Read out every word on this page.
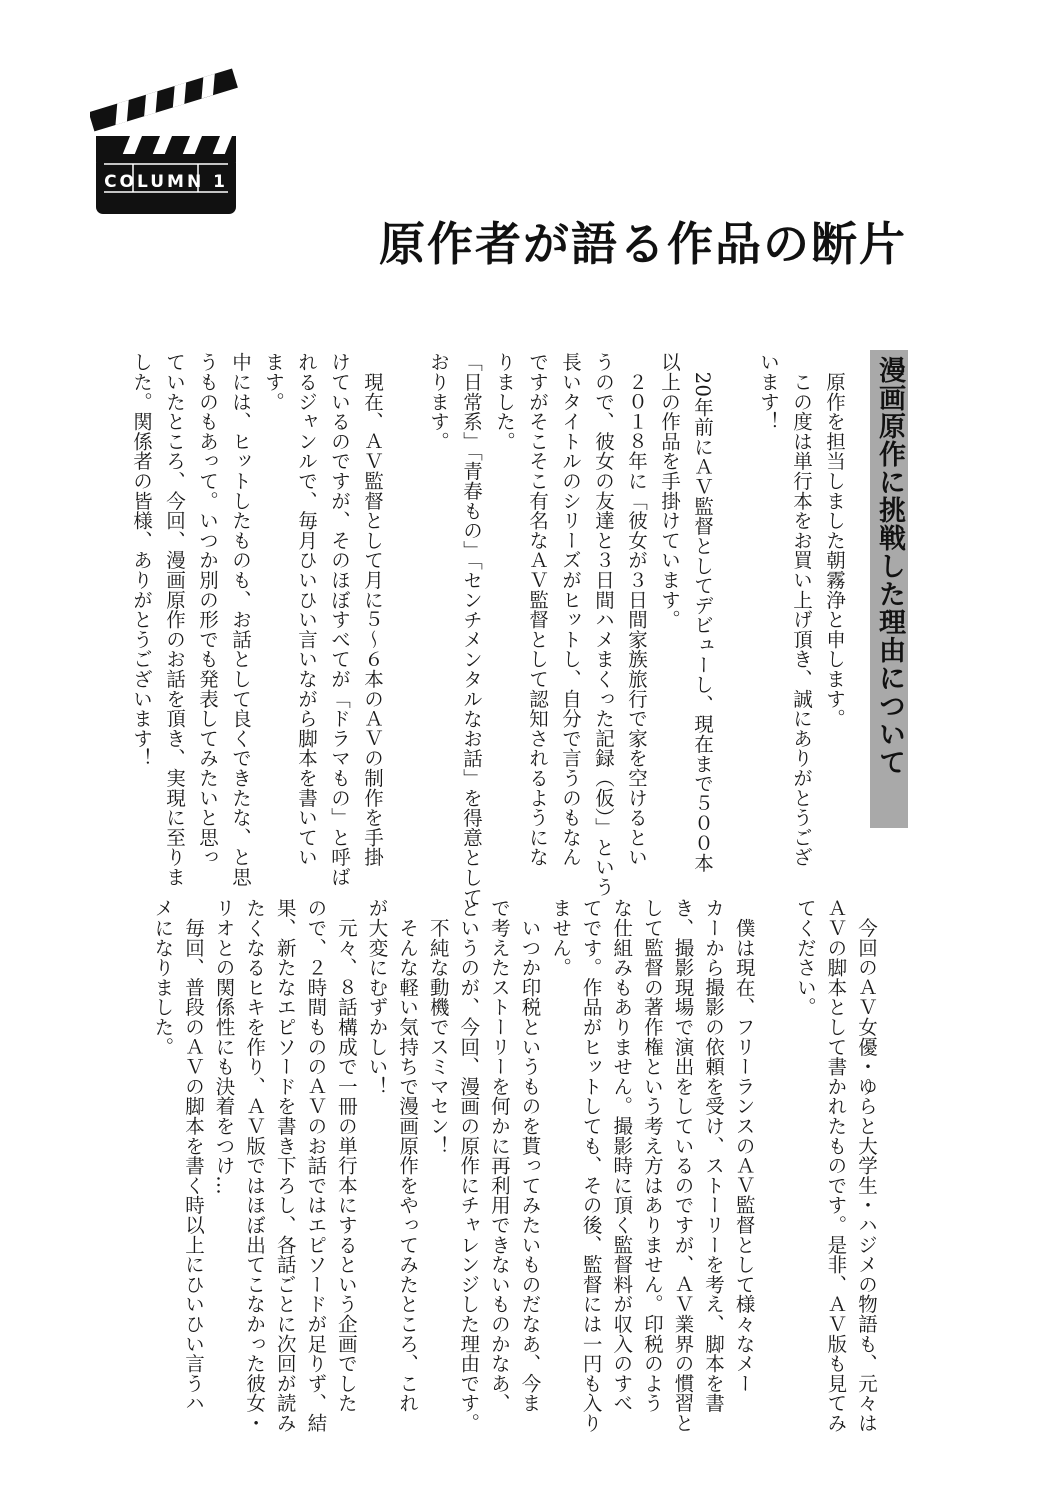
COLUMN 1
原作者が語る作品の断片
漫画原作に挑戦した理由について
　原作を担当しました朝霧浄と申します。
　この度は単行本をお買い上げ頂き、誠にありがとうござ
います！

　20年前にＡＶ監督としてデビューし、現在まで５００本
以上の作品を手掛けています。
　２０１８年に「彼女が３日間家族旅行で家を空けるとい
うので、彼女の友達と３日間ハメまくった記録（仮）」という
長いタイトルのシリーズがヒットし、自分で言うのもなん
ですがそこそこ有名なＡＶ監督として認知されるようにな
りました。
「日常系」「青春もの」「センチメンタルなお話」を得意として
おります。

　現在、ＡＶ監督として月に５〜６本のＡＶの制作を手掛
けているのですが、そのほぼすべてが「ドラマもの」と呼ば
れるジャンルで、毎月ひいひい言いながら脚本を書いてい
ます。
中には、ヒットしたものも、お話として良くできたな、と思
うものもあって。いつか別の形でも発表してみたいと思っ
ていたところ、今回、漫画原作のお話を頂き、実現に至りま
した。関係者の皆様、ありがとうございます！
　今回のＡＶ女優・ゆらと大学生・ハジメの物語も、元々は
ＡＶの脚本として書かれたものです。是非、ＡＶ版も見てみ
てください。

　僕は現在、フリーランスのＡＶ監督として様々なメー
カーから撮影の依頼を受け、ストーリーを考え、脚本を書
き、撮影現場で演出をしているのですが、ＡＶ業界の慣習と
して監督の著作権という考え方はありません。印税のよう
な仕組みもありません。撮影時に頂く監督料が収入のすべ
てです。作品がヒットしても、その後、監督には一円も入り
ません。
　いつか印税というものを貰ってみたいものだなあ、今ま
で考えたストーリーを何かに再利用できないものかなあ、
というのが、今回、漫画の原作にチャレンジした理由です。
　不純な動機でスミマセン！
　そんな軽い気持ちで漫画原作をやってみたところ、これ
が大変にむずかしい！
　元々、８話構成で一冊の単行本にするという企画でした
ので、２時間もののＡＶのお話ではエピソードが足りず、結
果、新たなエピソードを書き下ろし、各話ごとに次回が読み
たくなるヒキを作り、ＡＶ版ではほぼ出てこなかった彼女・
リオとの関係性にも決着をつけ…
　毎回、普段のＡＶの脚本を書く時以上にひいひい言うハ
メになりました。
